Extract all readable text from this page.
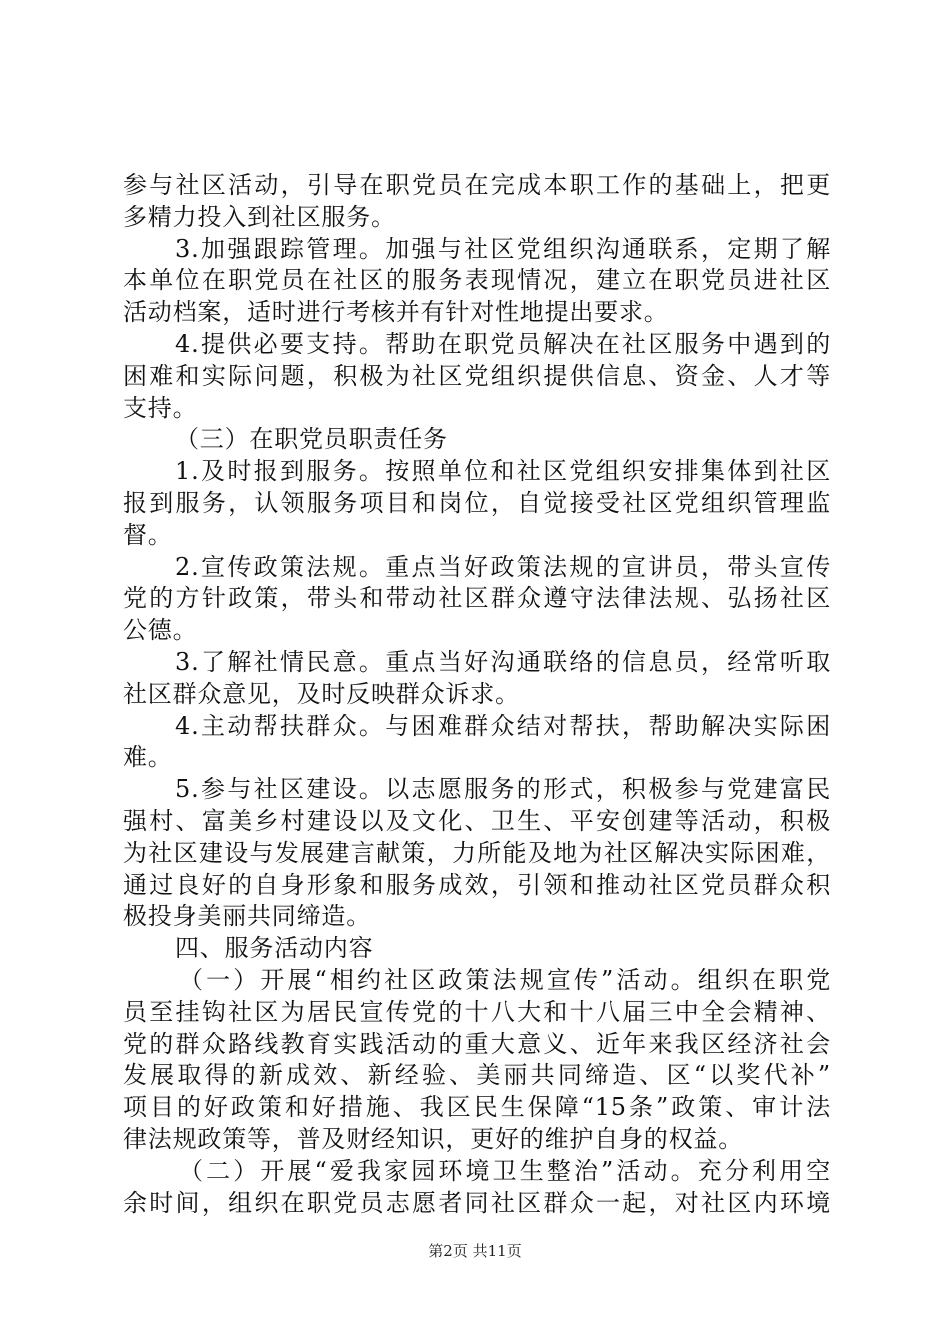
参与社区活动，引导在职党员在完成本职工作的基础上，把更
多精力投入到社区服务。
3.加强跟踪管理。加强与社区党组织沟通联系，定期了解
本单位在职党员在社区的服务表现情况，建立在职党员进社区
活动档案，适时进行考核并有针对性地提出要求。
4.提供必要支持。帮助在职党员解决在社区服务中遇到的
困难和实际问题，积极为社区党组织提供信息、资金、人才等
支持。
（三）在职党员职责任务
1.及时报到服务。按照单位和社区党组织安排集体到社区
报到服务，认领服务项目和岗位，自觉接受社区党组织管理监
督。
2.宣传政策法规。重点当好政策法规的宣讲员，带头宣传
党的方针政策，带头和带动社区群众遵守法律法规、弘扬社区
公德。
3.了解社情民意。重点当好沟通联络的信息员，经常听取
社区群众意见，及时反映群众诉求。
4.主动帮扶群众。与困难群众结对帮扶，帮助解决实际困
难。
5.参与社区建设。以志愿服务的形式，积极参与党建富民
强村、富美乡村建设以及文化、卫生、平安创建等活动，积极
为社区建设与发展建言献策，力所能及地为社区解决实际困难，
通过良好的自身形象和服务成效，引领和推动社区党员群众积
极投身美丽共同缔造。
四、服务活动内容
（一）开展“相约社区政策法规宣传”活动。组织在职党
员至挂钩社区为居民宣传党的十八大和十八届三中全会精神、
党的群众路线教育实践活动的重大意义、近年来我区经济社会
发展取得的新成效、新经验、美丽共同缔造、区“以奖代补”
项目的好政策和好措施、我区民生保障“15条”政策、审计法
律法规政策等，普及财经知识，更好的维护自身的权益。
（二）开展“爱我家园环境卫生整治”活动。充分利用空
余时间，组织在职党员志愿者同社区群众一起，对社区内环境
第2页 共11页
